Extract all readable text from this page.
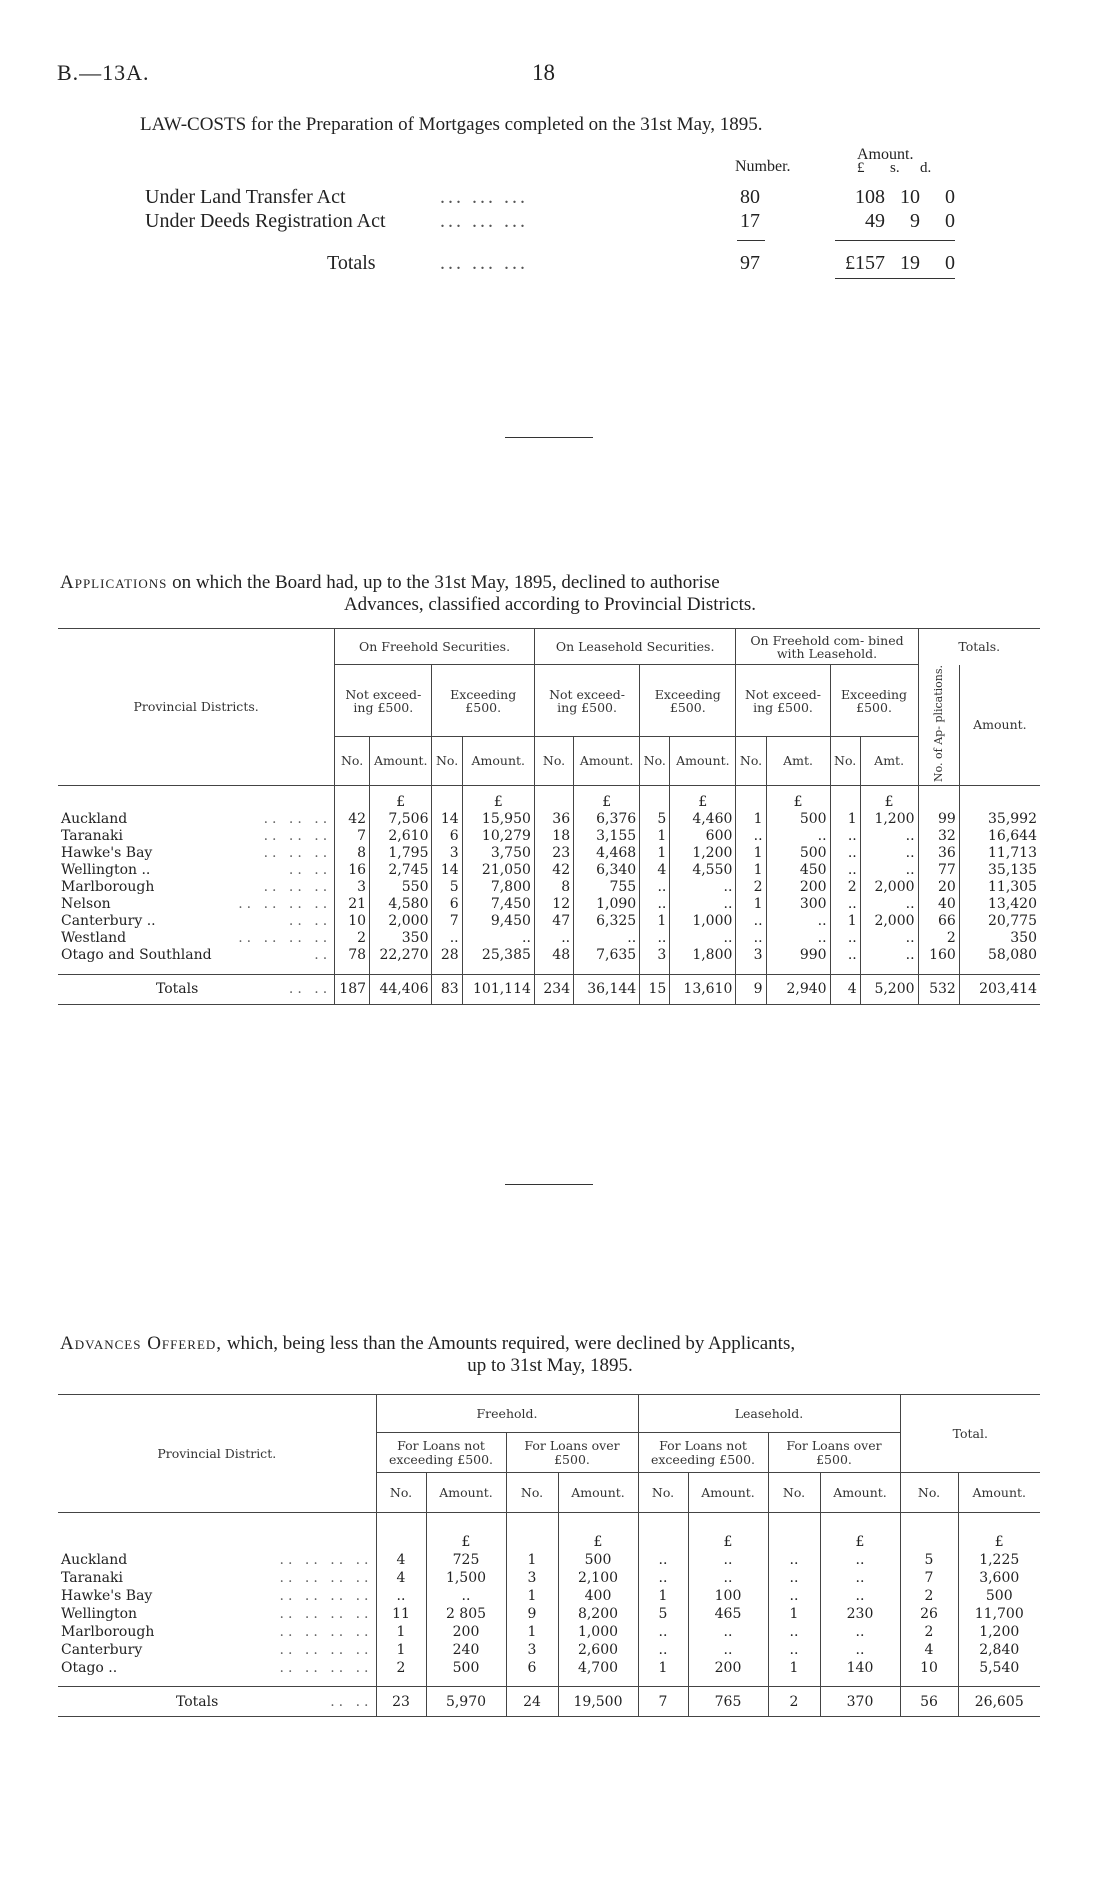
B.—13A.	18
LAW-COSTS for the Preparation of Mortgages completed on the 31st May, 1895.
Number.
Amount.
£ s. d.
Under Land Transfer Act	... ... ...	80	108 10	0
Under Deeds Registration Act	... ... ...	17	49	9	0
Totals	... ... ...	97	£157 19	0
Applications on which the Board had, up to the 31st May, 1895, declined to authorise
Advances, classified according to Provincial Districts.
Provincial Districts.	On Freehold Securities.				On Leasehold Securities.				On Freehold com- bined with Leasehold.				Totals.	
	Not exceed- ing £500.		Exceeding £500.		Not exceed- ing £500.		Exceeding £500.		Not exceed- ing £500.		Exceeding £500.		No. of Ap- plications.	Amount.
	No.	Amount.	No.	Amount.	No.	Amount.	No.	Amount.	No.	Amt.	No.	Amt.		
		£		£		£		£		£		£		
Auckland .. .. ..	42	7,506	14	15,950	36	6,376	5	4,460	1	500	1	1,200	99	35,992
Taranaki .. .. ..	7	2,610	6	10,279	18	3,155	1	600	..	..	..	..	32	16,644
Hawke's Bay .. .. ..	8	1,795	3	3,750	23	4,468	1	1,200	1	500	..	..	36	11,713
Wellington .. .. ..	16	2,745	14	21,050	42	6,340	4	4,550	1	450	..	..	77	35,135
Marlborough .. .. ..	3	550	5	7,800	8	755	..	..	2	200	2	2,000	20	11,305
Nelson .. .. .. ..	21	4,580	6	7,450	12	1,090	..	..	1	300	..	..	40	13,420
Canterbury .. .. ..	10	2,000	7	9,450	47	6,325	1	1,000	..	..	1	2,000	66	20,775
Westland .. .. .. ..	2	350	..	..	..	..	..	..	..	..	..	..	2	350
Otago and Southland ..	78	22,270	28	25,385	48	7,635	3	1,800	3	990	..	..	160	58,080

Totals .. ..	187	44,406	83	101,114	234	36,144	15	13,610	9	2,940	4	5,200	532	203,414
Advances Offered, which, being less than the Amounts required, were declined by Applicants,
up to 31st May, 1895.
Provincial District.	Freehold.				Leasehold.				Total.	
	For Loans not exceeding £500.		For Loans over £500.		For Loans not exceeding £500.		For Loans over £500.			
	No.	Amount.	No.	Amount.	No.	Amount.	No.	Amount.	No.	Amount.
		£		£		£		£		£
Auckland .. .. .. ..	4	725	1	500	..	..	..	..	5	1,225
Taranaki .. .. .. ..	4	1,500	3	2,100	..	..	..	..	7	3,600
Hawke's Bay .. .. .. ..	..	..	1	400	1	100	..	..	2	500
Wellington .. .. .. ..	11	2 805	9	8,200	5	465	1	230	26	11,700
Marlborough .. .. .. ..	1	200	1	1,000	..	..	..	..	2	1,200
Canterbury .. .. .. ..	1	240	3	2,600	..	..	..	..	4	2,840
Otago .. .. .. .. ..	2	500	6	4,700	1	200	1	140	10	5,540

Totals .. ..	23	5,970	24	19,500	7	765	2	370	56	26,605
